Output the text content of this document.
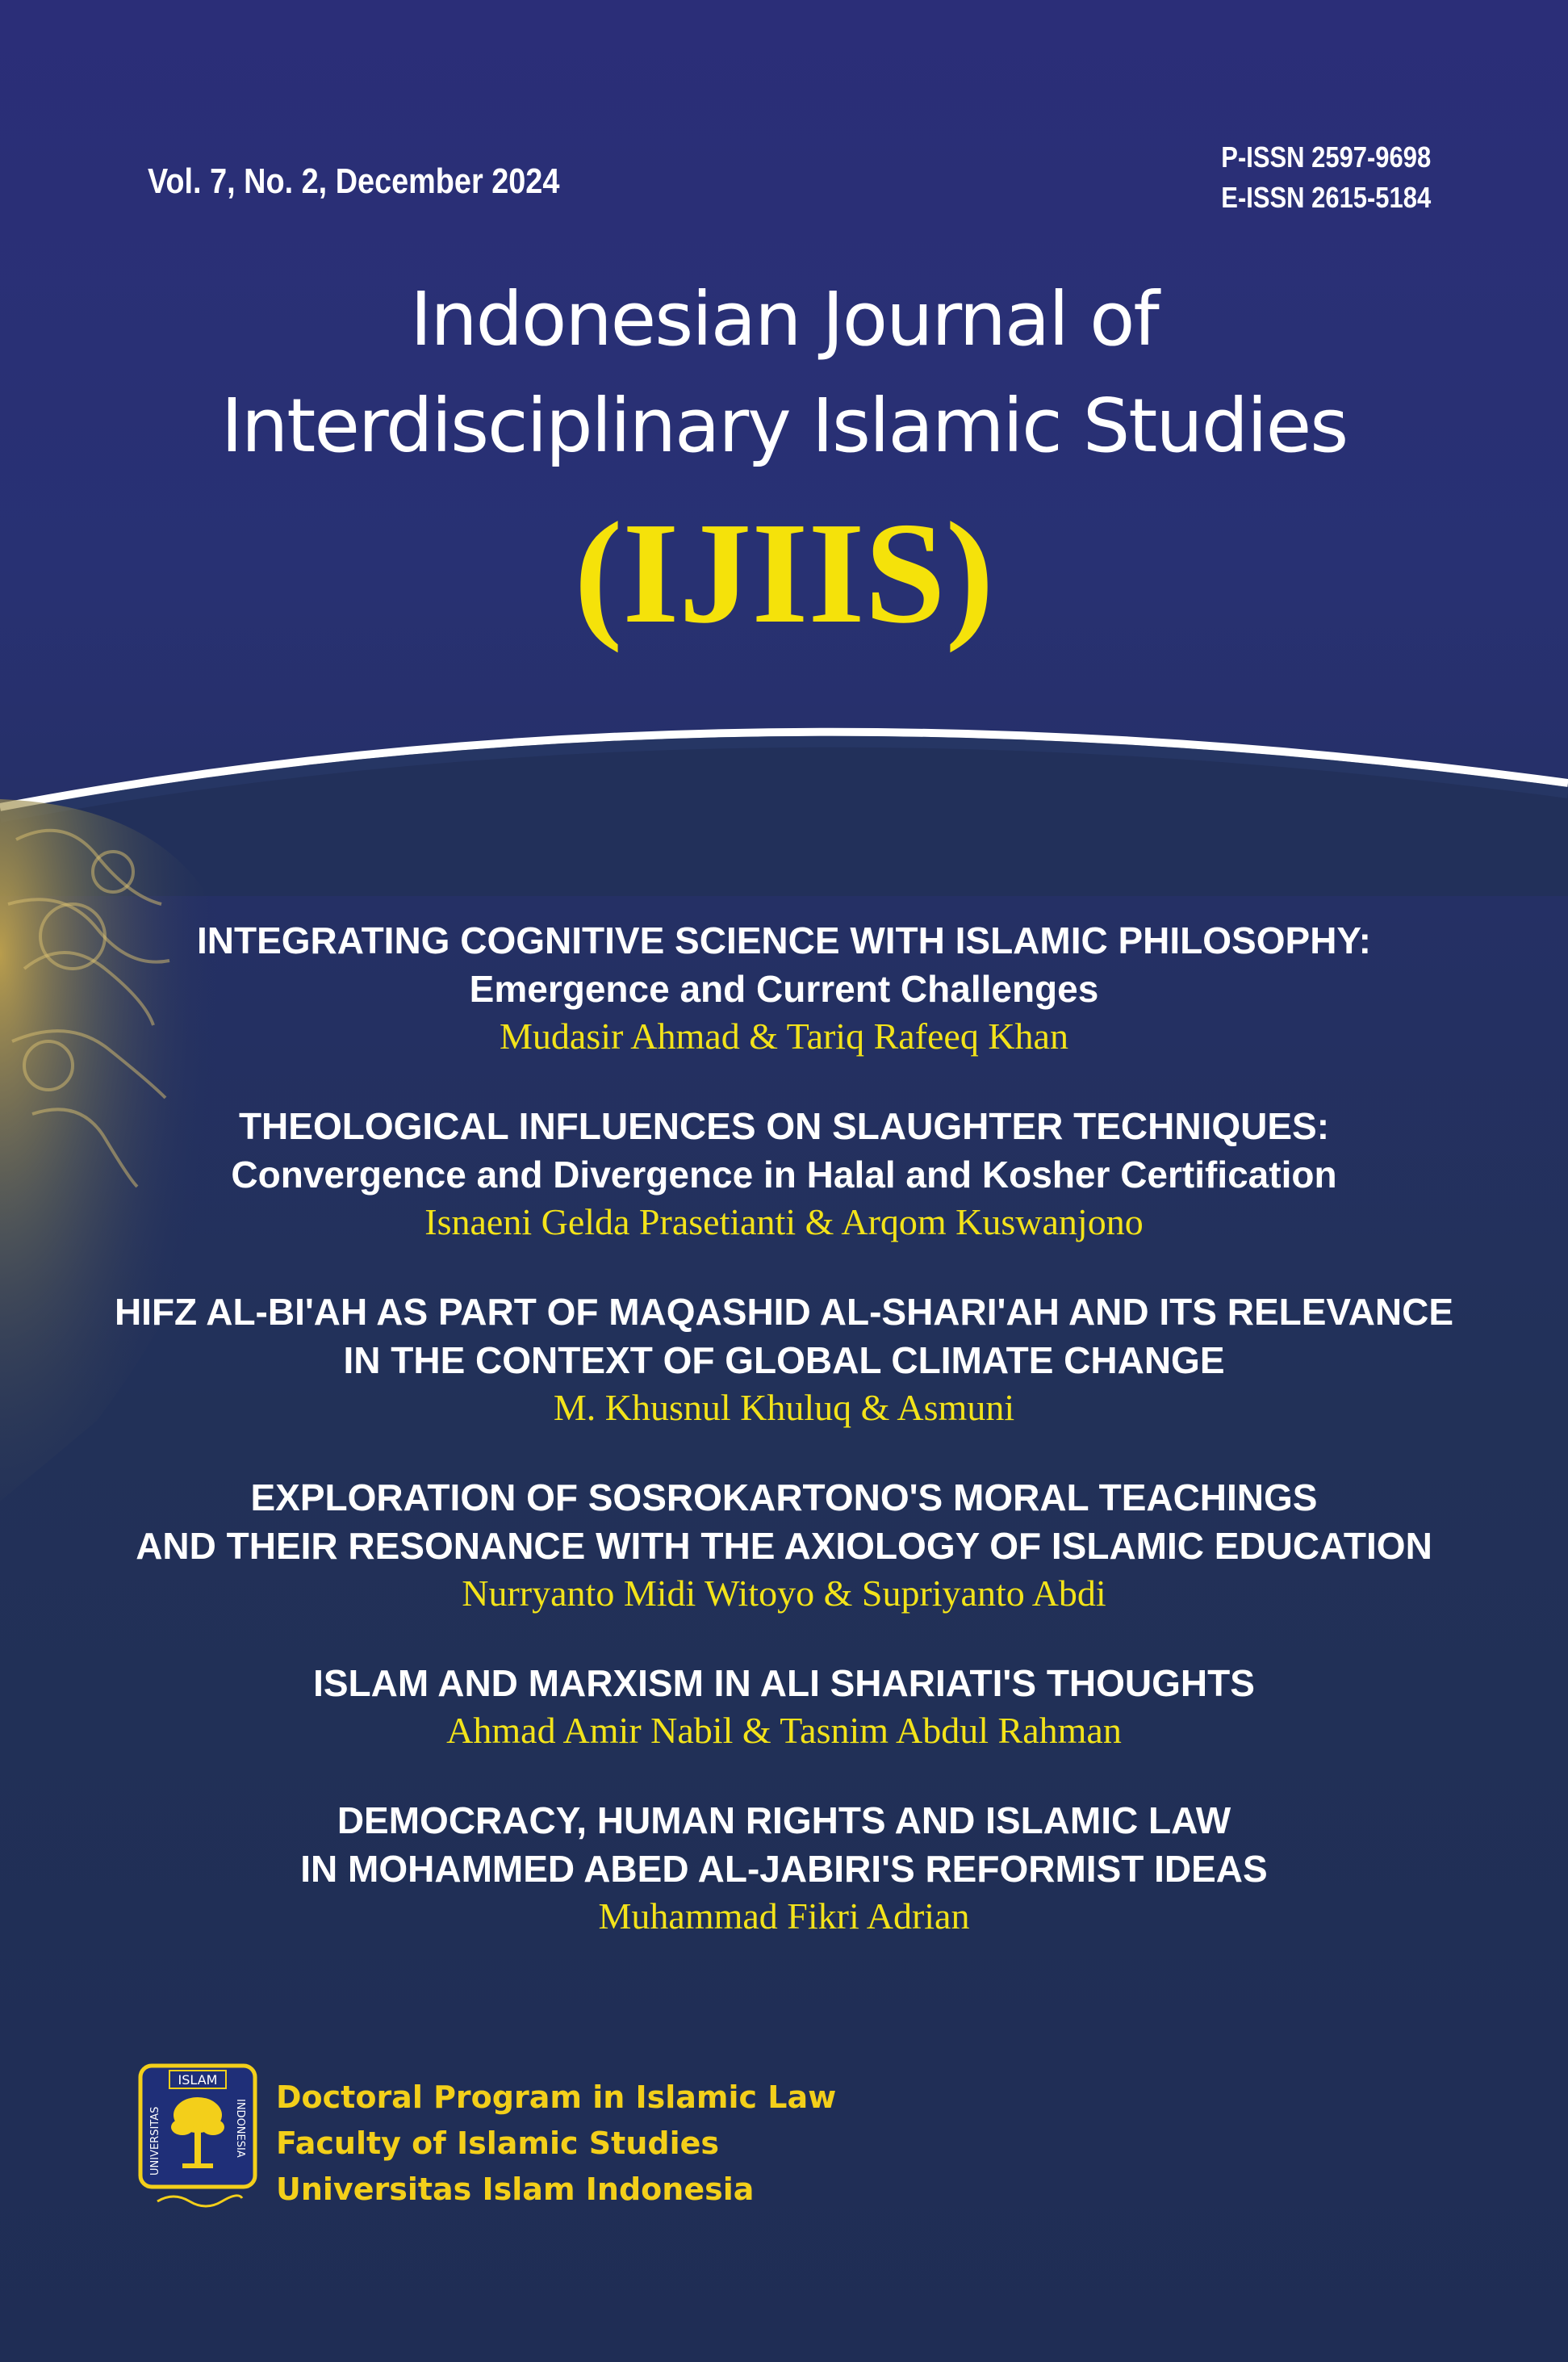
Vol. 7, No. 2, December 2024
P-ISSN 2597-9698
E-ISSN 2615-5184
Indonesian Journal of
Interdisciplinary Islamic Studies
(IJIIS)
INTEGRATING COGNITIVE SCIENCE WITH ISLAMIC PHILOSOPHY:
Emergence and Current Challenges
Mudasir Ahmad & Tariq Rafeeq Khan
THEOLOGICAL INFLUENCES ON SLAUGHTER TECHNIQUES:
Convergence and Divergence in Halal and Kosher Certification
Isnaeni Gelda Prasetianti & Arqom Kuswanjono
HIFZ AL-BI'AH AS PART OF MAQASHID AL-SHARI'AH AND ITS RELEVANCE
IN THE CONTEXT OF GLOBAL CLIMATE CHANGE
M. Khusnul Khuluq & Asmuni
EXPLORATION OF SOSROKARTONO'S MORAL TEACHINGS
AND THEIR RESONANCE WITH THE AXIOLOGY OF ISLAMIC EDUCATION
Nurryanto Midi Witoyo & Supriyanto Abdi
ISLAM AND MARXISM IN ALI SHARIATI'S THOUGHTS
Ahmad Amir Nabil & Tasnim Abdul Rahman
DEMOCRACY, HUMAN RIGHTS AND ISLAMIC LAW
IN MOHAMMED ABED AL-JABIRI'S REFORMIST IDEAS
Muhammad Fikri Adrian
ISLAM
UNIVERSITAS	INDONESIA
Doctoral Program in Islamic Law
Faculty of Islamic Studies
Universitas Islam Indonesia
